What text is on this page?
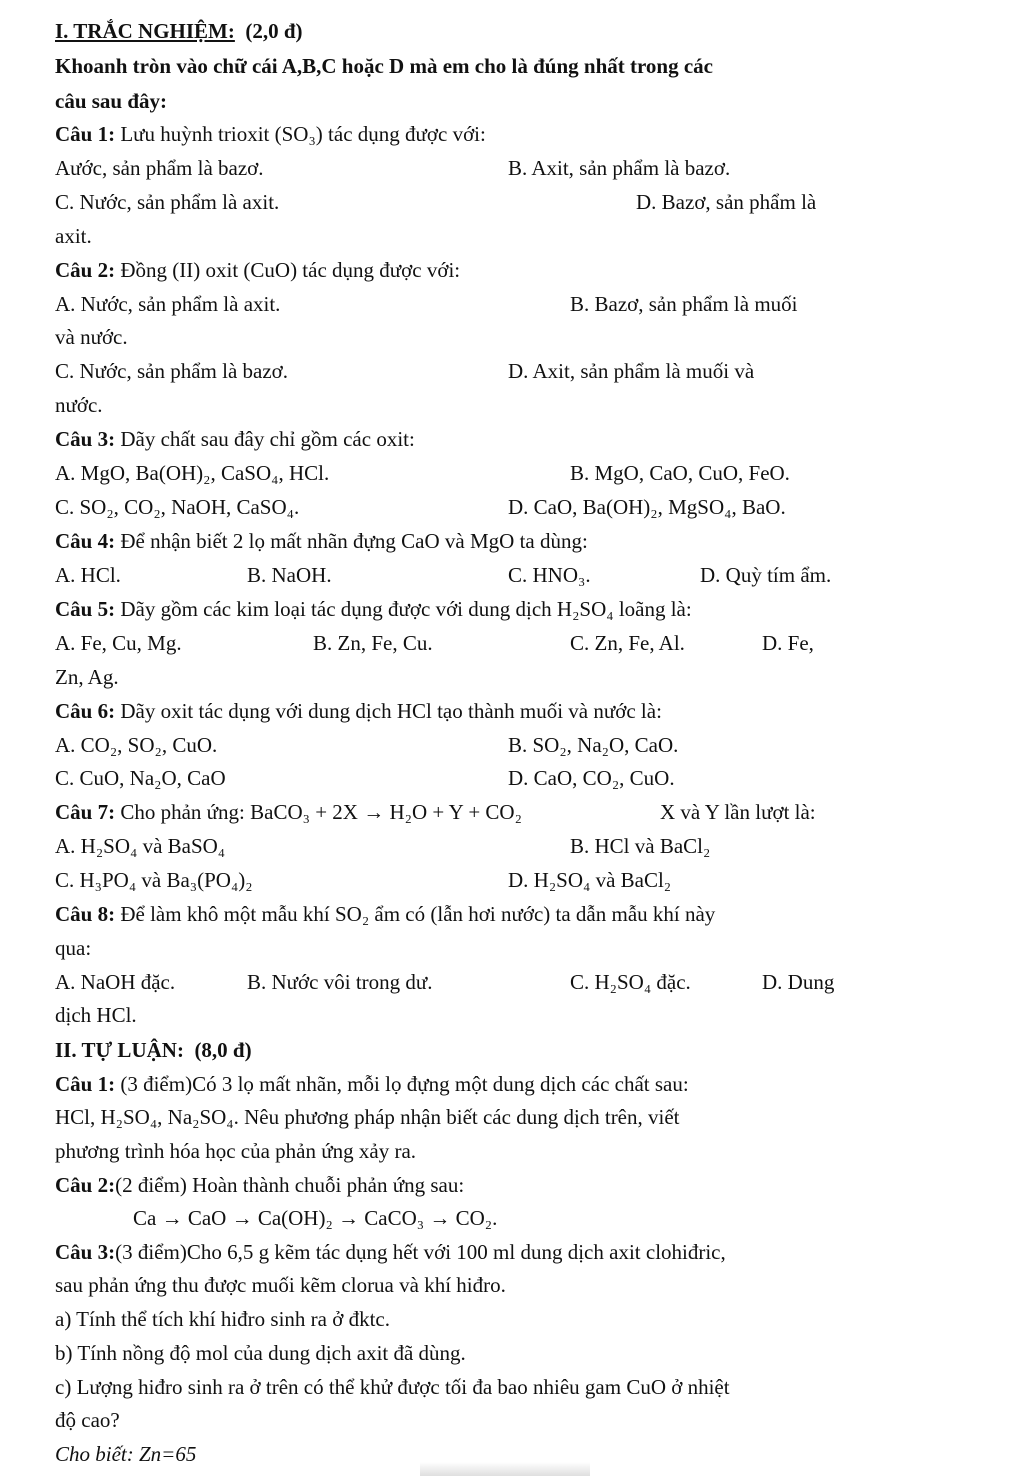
I. TRẮC NGHIỆM: (2,0 đ)
Khoanh tròn vào chữ cái A,B,C hoặc D mà em cho là đúng nhất trong các
câu sau đây:
Câu 1: Lưu huỳnh trioxit (SO₃) tác dụng được với:
Aước, sản phẩm là bazơ.	B. Axit, sản phẩm là bazơ.
C. Nước, sản phẩm là axit.	D. Bazơ, sản phẩm là
axit.
Câu 2: Đồng (II) oxit (CuO) tác dụng được với:
A. Nước, sản phẩm là axit.	B. Bazơ, sản phẩm là muối
và nước.
C. Nước, sản phẩm là bazơ.	D. Axit, sản phẩm là muối và
nước.
Câu 3: Dãy chất sau đây chỉ gồm các oxit:
A. MgO, Ba(OH)₂, CaSO₄, HCl.	B. MgO, CaO, CuO, FeO.
C. SO₂, CO₂, NaOH, CaSO₄.	D. CaO, Ba(OH)₂, MgSO₄, BaO.
Câu 4: Để nhận biết 2 lọ mất nhãn đựng CaO và MgO ta dùng:
A. HCl.	B. NaOH.	C. HNO₃.	D. Quỳ tím ẩm.
Câu 5: Dãy gồm các kim loại tác dụng được với dung dịch H₂SO₄ loãng là:
A. Fe, Cu, Mg.	B. Zn, Fe, Cu.	C. Zn, Fe, Al.	D. Fe,
Zn, Ag.
Câu 6: Dãy oxit tác dụng với dung dịch HCl tạo thành muối và nước là:
A. CO₂, SO₂, CuO.	B. SO₂, Na₂O, CaO.
C. CuO, Na₂O, CaO	D. CaO, CO₂, CuO.
Câu 7: Cho phản ứng: BaCO₃ + 2X → H₂O + Y + CO₂	X và Y lần lượt là:
A. H₂SO₄ và BaSO₄	B. HCl và BaCl₂
C. H₃PO₄ và Ba₃(PO₄)₂	D. H₂SO₄ và BaCl₂
Câu 8: Để làm khô một mẫu khí SO₂ ẩm có (lẫn hơi nước) ta dẫn mẫu khí này
qua:
A. NaOH đặc.	B. Nước vôi trong dư.	C. H₂SO₄ đặc.	D. Dung
dịch HCl.
II. TỰ LUẬN: (8,0 đ)
Câu 1: (3 điểm)Có 3 lọ mất nhãn, mỗi lọ đựng một dung dịch các chất sau:
HCl, H₂SO₄, Na₂SO₄. Nêu phương pháp nhận biết các dung dịch trên, viết
phương trình hóa học của phản ứng xảy ra.
Câu 2:(2 điểm) Hoàn thành chuỗi phản ứng sau:
Ca → CaO → Ca(OH)₂ → CaCO₃ → CO₂.
Câu 3:(3 điểm)Cho 6,5 g kẽm tác dụng hết với 100 ml dung dịch axit clohiđric,
sau phản ứng thu được muối kẽm clorua và khí hiđro.
a) Tính thể tích khí hiđro sinh ra ở đktc.
b) Tính nồng độ mol của dung dịch axit đã dùng.
c) Lượng hiđro sinh ra ở trên có thể khử được tối đa bao nhiêu gam CuO ở nhiệt
độ cao?
Cho biết: Zn=65
